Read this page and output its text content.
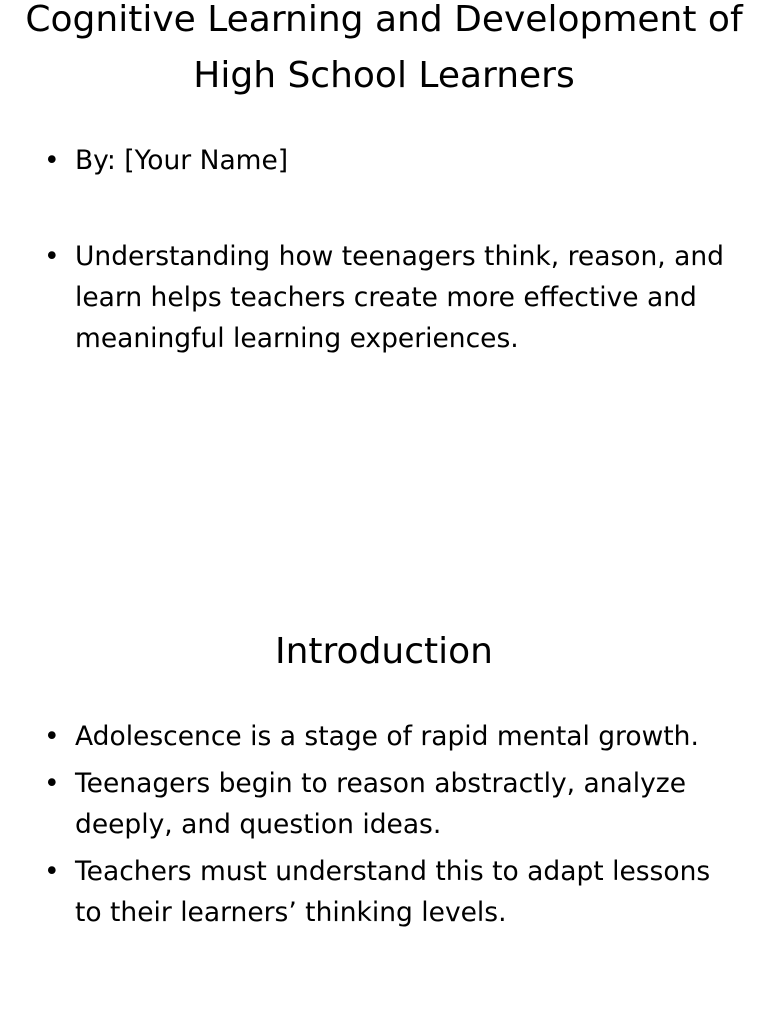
Cognitive Learning and Development of High School Learners
• By: [Your Name]
• Understanding how teenagers think, reason, and learn helps teachers create more effective and meaningful learning experiences.
Introduction
• Adolescence is a stage of rapid mental growth.
• Teenagers begin to reason abstractly, analyze deeply, and question ideas.
• Teachers must understand this to adapt lessons to their learners’ thinking levels.
